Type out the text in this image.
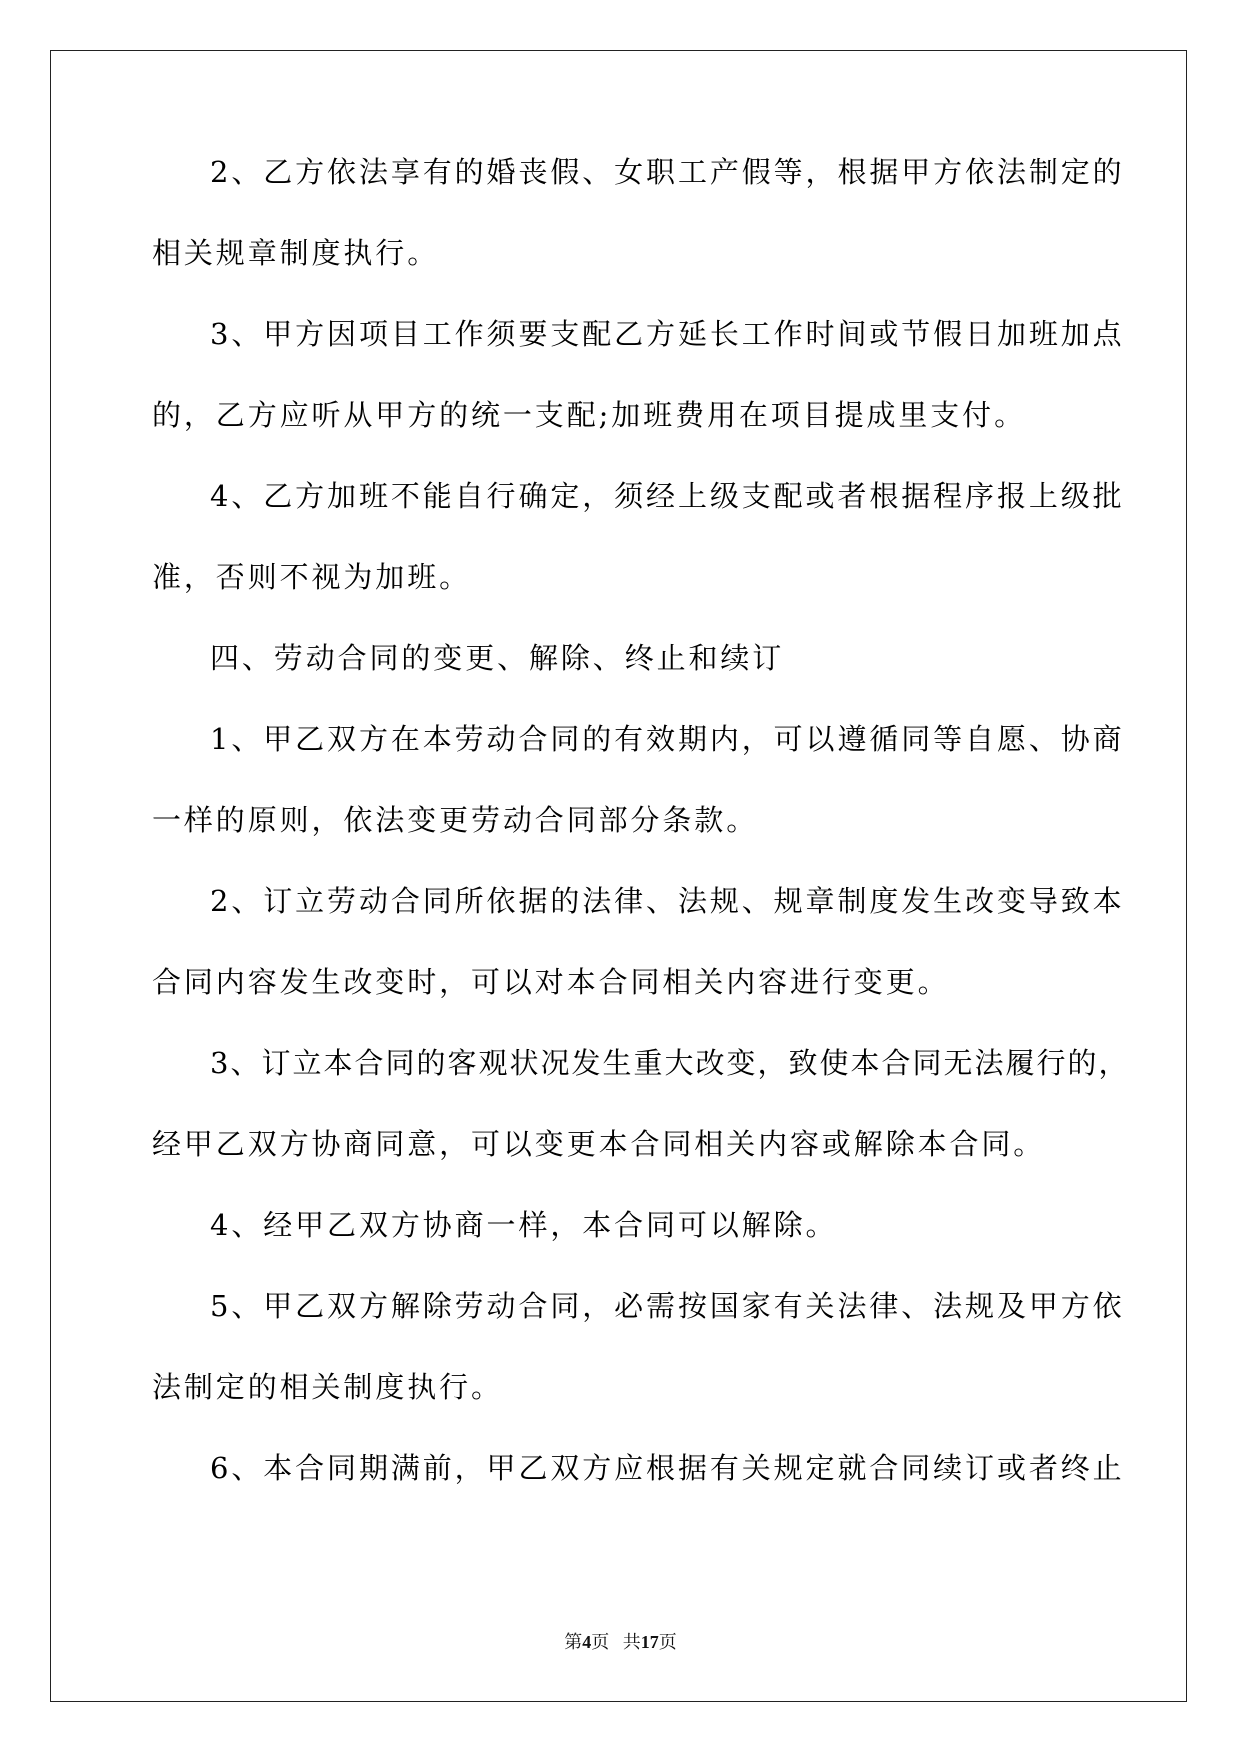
2、乙方依法享有的婚丧假、女职工产假等，根据甲方依法制定的
相关规章制度执行。
3、甲方因项目工作须要支配乙方延长工作时间或节假日加班加点
的，乙方应听从甲方的统一支配;加班费用在项目提成里支付。
4、乙方加班不能自行确定，须经上级支配或者根据程序报上级批
准，否则不视为加班。
四、劳动合同的变更、解除、终止和续订
1、甲乙双方在本劳动合同的有效期内，可以遵循同等自愿、协商
一样的原则，依法变更劳动合同部分条款。
2、订立劳动合同所依据的法律、法规、规章制度发生改变导致本
合同内容发生改变时，可以对本合同相关内容进行变更。
3、订立本合同的客观状况发生重大改变，致使本合同无法履行的，
经甲乙双方协商同意，可以变更本合同相关内容或解除本合同。
4、经甲乙双方协商一样，本合同可以解除。
5、甲乙双方解除劳动合同，必需按国家有关法律、法规及甲方依
法制定的相关制度执行。
6、本合同期满前，甲乙双方应根据有关规定就合同续订或者终止
第4页 共17页
